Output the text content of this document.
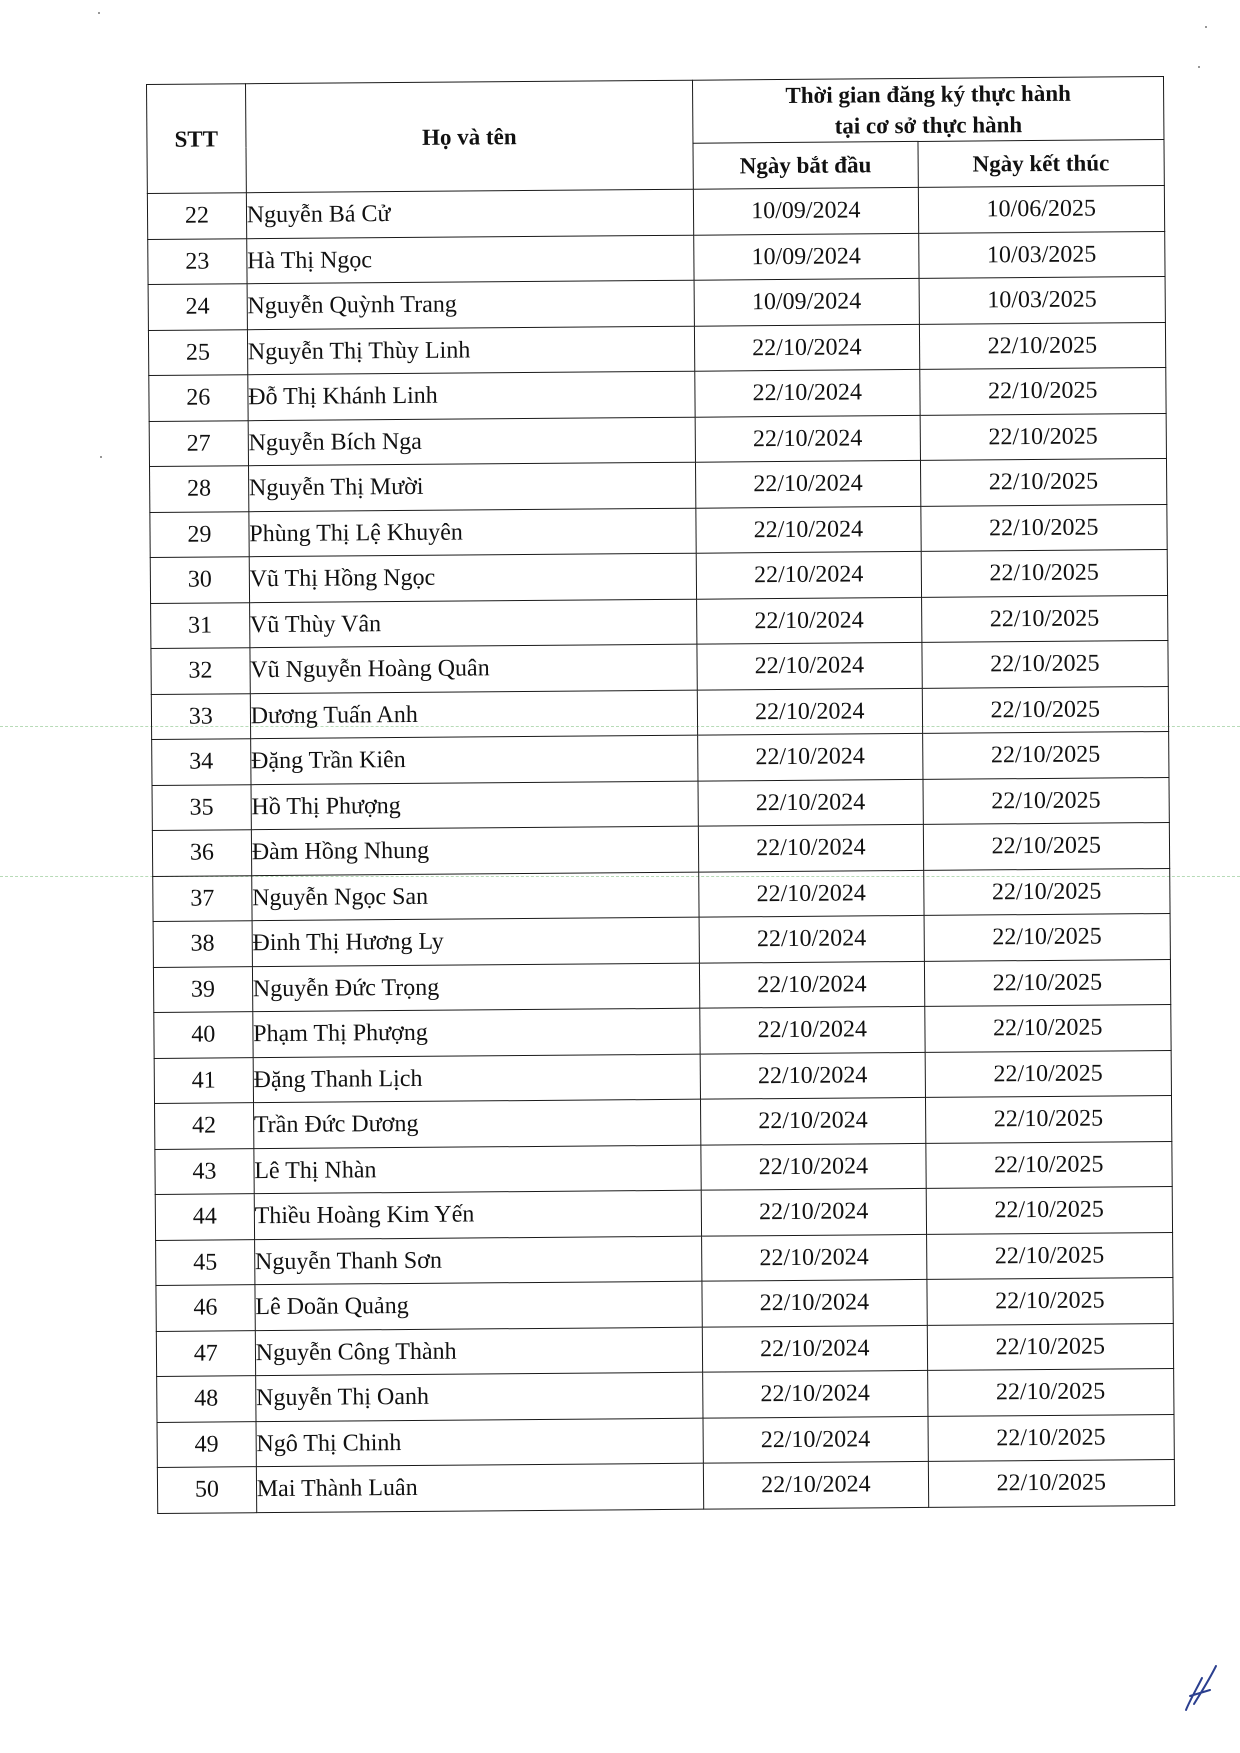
STT	Họ và tên	Thời gian đăng ký thực hành
tại cơ sở thực hành	

		Ngày bắt đầu	Ngày kết thúc
22	Nguyễn Bá Cử	10/09/2024	10/06/2025
23	Hà Thị Ngọc	10/09/2024	10/03/2025
24	Nguyễn Quỳnh Trang	10/09/2024	10/03/2025
25	Nguyễn Thị Thùy Linh	22/10/2024	22/10/2025
26	Đỗ Thị Khánh Linh	22/10/2024	22/10/2025
27	Nguyễn Bích Nga	22/10/2024	22/10/2025
28	Nguyễn Thị Mười	22/10/2024	22/10/2025
29	Phùng Thị Lệ Khuyên	22/10/2024	22/10/2025
30	Vũ Thị Hồng Ngọc	22/10/2024	22/10/2025
31	Vũ Thùy Vân	22/10/2024	22/10/2025
32	Vũ Nguyễn Hoàng Quân	22/10/2024	22/10/2025
33	Dương Tuấn Anh	22/10/2024	22/10/2025
34	Đặng Trần Kiên	22/10/2024	22/10/2025
35	Hồ Thị Phượng	22/10/2024	22/10/2025
36	Đàm Hồng Nhung	22/10/2024	22/10/2025
37	Nguyễn Ngọc San	22/10/2024	22/10/2025
38	Đinh Thị Hương Ly	22/10/2024	22/10/2025
39	Nguyễn Đức Trọng	22/10/2024	22/10/2025
40	Phạm Thị Phượng	22/10/2024	22/10/2025
41	Đặng Thanh Lịch	22/10/2024	22/10/2025
42	Trần Đức Dương	22/10/2024	22/10/2025
43	Lê Thị Nhàn	22/10/2024	22/10/2025
44	Thiều Hoàng Kim Yến	22/10/2024	22/10/2025
45	Nguyễn Thanh Sơn	22/10/2024	22/10/2025
46	Lê Doãn Quảng	22/10/2024	22/10/2025
47	Nguyễn Công Thành	22/10/2024	22/10/2025
48	Nguyễn Thị Oanh	22/10/2024	22/10/2025
49	Ngô Thị Chinh	22/10/2024	22/10/2025
50	Mai Thành Luân	22/10/2024	22/10/2025
